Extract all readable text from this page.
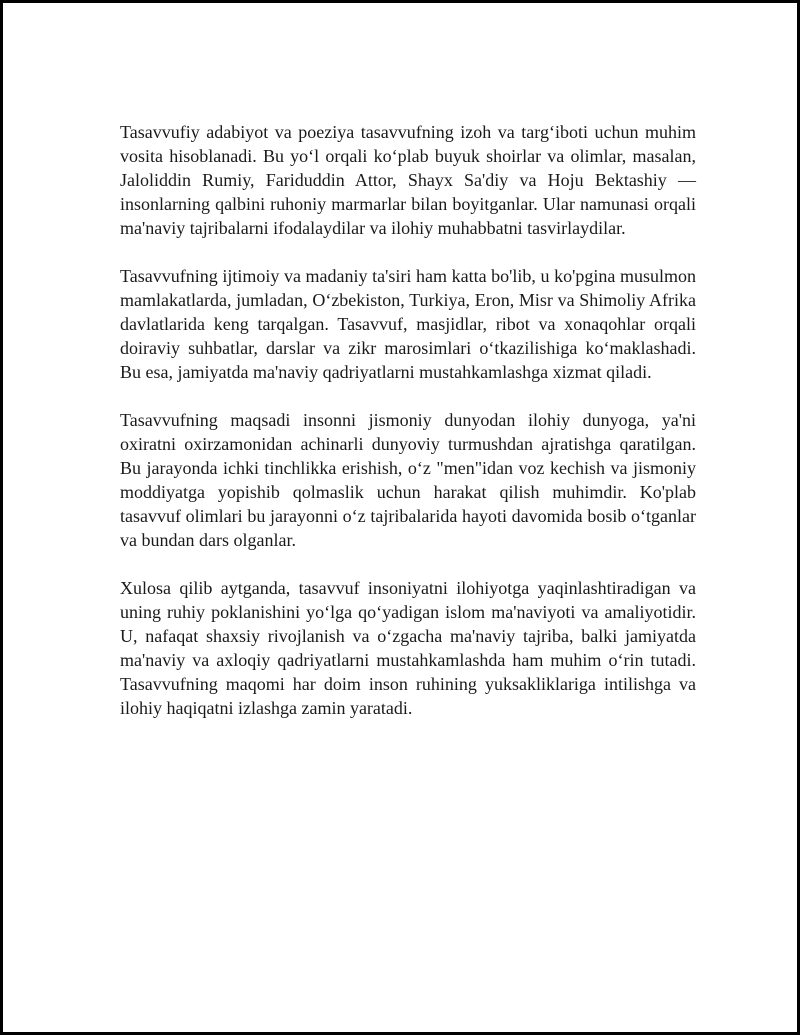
Tasavvufiy adabiyot va poeziya tasavvufning izoh va targ‘iboti uchun muhim vosita hisoblanadi. Bu yo‘l orqali ko‘plab buyuk shoirlar va olimlar, masalan, Jaloliddin Rumiy, Fariduddin Attor, Shayx Sa'diy va Hoju Bektashiy — insonlarning qalbini ruhoniy marmarlar bilan boyitganlar. Ular namunasi orqali ma'naviy tajribalarni ifodalaydilar va ilohiy muhabbatni tasvirlaydilar.

Tasavvufning ijtimoiy va madaniy ta'siri ham katta bo'lib, u ko'pgina musulmon mamlakatlarda, jumladan, O‘zbekiston, Turkiya, Eron, Misr va Shimoliy Afrika davlatlarida keng tarqalgan. Tasavvuf, masjidlar, ribot va xonaqohlar orqali doiraviy suhbatlar, darslar va zikr marosimlari o‘tkazilishiga ko‘maklashadi. Bu esa, jamiyatda ma'naviy qadriyatlarni mustahkamlashga xizmat qiladi.

Tasavvufning maqsadi insonni jismoniy dunyodan ilohiy dunyoga, ya'ni oxiratni oxirzamonidan achinarli dunyoviy turmushdan ajratishga qaratilgan. Bu jarayonda ichki tinchlikka erishish, o‘z "men"idan voz kechish va jismoniy moddiyatga yopishib qolmaslik uchun harakat qilish muhimdir. Ko'plab tasavvuf olimlari bu jarayonni o‘z tajribalarida hayoti davomida bosib o‘tganlar va bundan dars olganlar.

Xulosa qilib aytganda, tasavvuf insoniyatni ilohiyotga yaqinlashtiradigan va uning ruhiy poklanishini yo‘lga qo‘yadigan islom ma'naviyoti va amaliyotidir. U, nafaqat shaxsiy rivojlanish va o‘zgacha ma'naviy tajriba, balki jamiyatda ma'naviy va axloqiy qadriyatlarni mustahkamlashda ham muhim o‘rin tutadi. Tasavvufning maqomi har doim inson ruhining yuksakliklariga intilishga va ilohiy haqiqatni izlashga zamin yaratadi.
